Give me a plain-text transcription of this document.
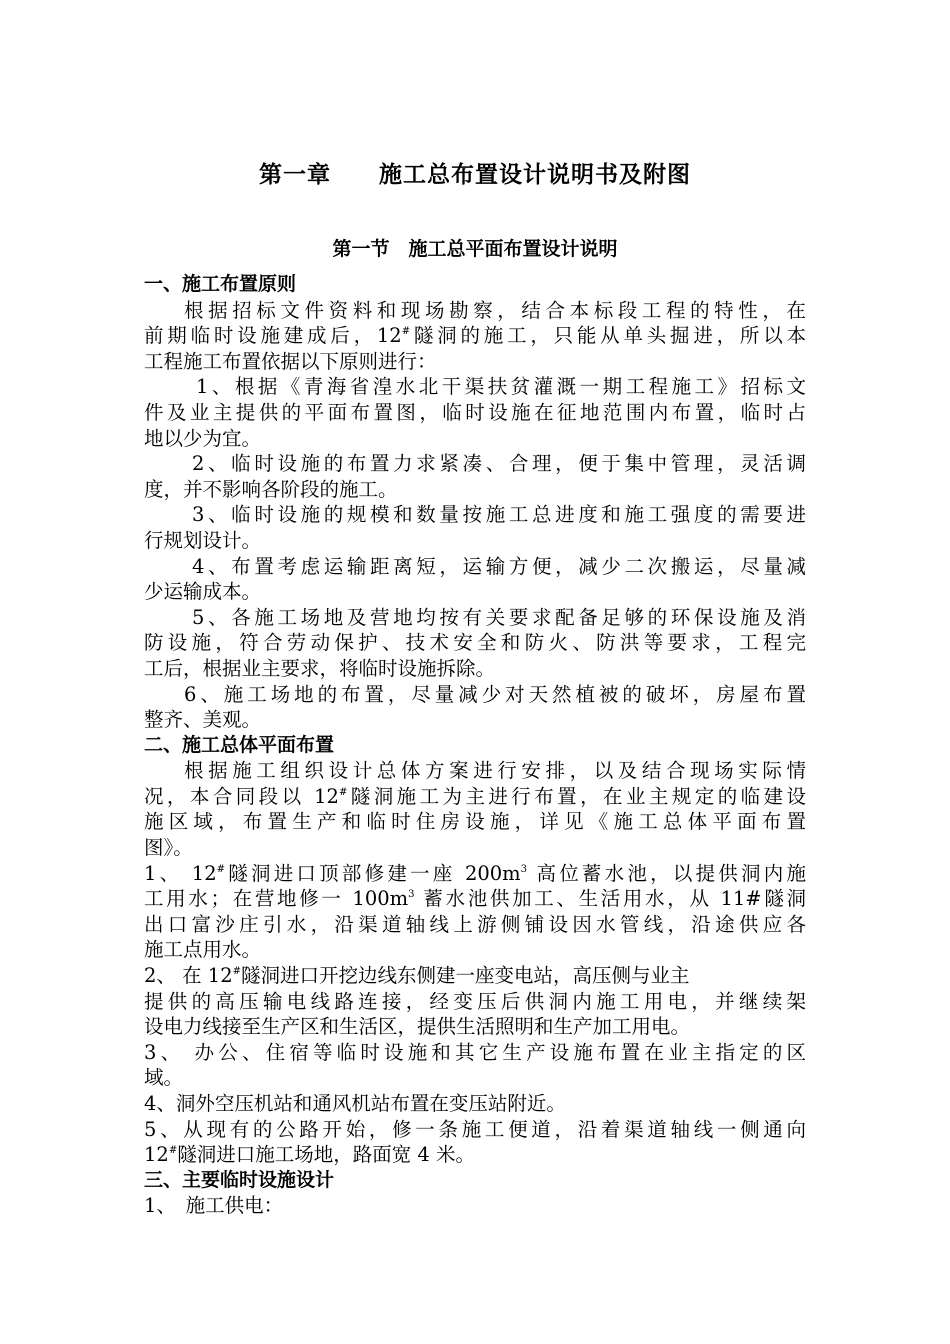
第一章　　施工总布置设计说明书及附图
第一节　施工总平面布置设计说明
一、施工布置原则
根据招标文件资料和现场勘察，结合本标段工程的特性，在
前期临时设施建成后，12#隧洞的施工，只能从单头掘进，所以本
工程施工布置依据以下原则进行：
1、根据《青海省湟水北干渠扶贫灌溉一期工程施工》招标文
件及业主提供的平面布置图，临时设施在征地范围内布置，临时占
地以少为宜。
2、临时设施的布置力求紧凑、合理，便于集中管理，灵活调
度，并不影响各阶段的施工。
3、临时设施的规模和数量按施工总进度和施工强度的需要进
行规划设计。
4、布置考虑运输距离短，运输方便，减少二次搬运，尽量减
少运输成本。
5、各施工场地及营地均按有关要求配备足够的环保设施及消
防设施，符合劳动保护、技术安全和防火、防洪等要求，工程完
工后，根据业主要求，将临时设施拆除。
6、施工场地的布置，尽量减少对天然植被的破坏，房屋布置
整齐、美观。
二、施工总体平面布置
根据施工组织设计总体方案进行安排，以及结合现场实际情
况，本合同段以 12#隧洞施工为主进行布置，在业主规定的临建设
施区域，布置生产和临时住房设施，详见《施工总体平面布置
图》。
1、 12#隧洞进口顶部修建一座 $200m^3$ 高位蓄水池，以提供洞内施
工用水；在营地修一 $100m^3$ 蓄水池供加工、生活用水，从 11#隧洞
出口富沙庄引水，沿渠道轴线上游侧铺设因水管线，沿途供应各
施工点用水。
2、 在 12#隧洞进口开挖边线东侧建一座变电站，高压侧与业主
提供的高压输电线路连接，经变压后供洞内施工用电，并继续架
设电力线接至生产区和生活区，提供生活照明和生产加工用电。
3、 办公、住宿等临时设施和其它生产设施布置在业主指定的区
域。
4、洞外空压机站和通风机站布置在变压站附近。
5、从现有的公路开始，修一条施工便道，沿着渠道轴线一侧通向
12#隧洞进口施工场地，路面宽 4 米。
三、主要临时设施设计
1、　施工供电：
